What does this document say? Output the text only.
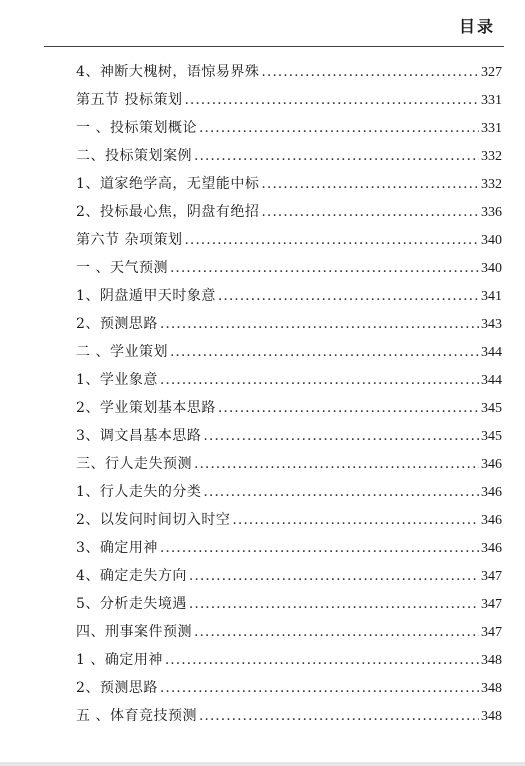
目录
4、神断大槐树，语惊易界殊 .....	327
第五节 投标策划 .....	331
一 、投标策划概论 .....	331
二、投标策划案例 .....	332
1、道家绝学高，无望能中标 .....	332
2、投标最心焦，阴盘有绝招 .....	336
第六节 杂项策划 .....	340
一 、天气预测 .....	340
1、阴盘遁甲天时象意 .....	341
2、预测思路 .....	343
二 、学业策划 .....	344
1、学业象意 .....	344
2、学业策划基本思路 .....	345
3、调文昌基本思路 .....	345
三、行人走失预测 .....	346
1、行人走失的分类 .....	346
2、以发问时间切入时空 .....	346
3、确定用神 .....	346
4、确定走失方向 .....	347
5、分析走失境遇 .....	347
四、刑事案件预测 .....	347
1 、确定用神 .....	348
2、预测思路 .....	348
五 、体育竞技预测 .....	348
